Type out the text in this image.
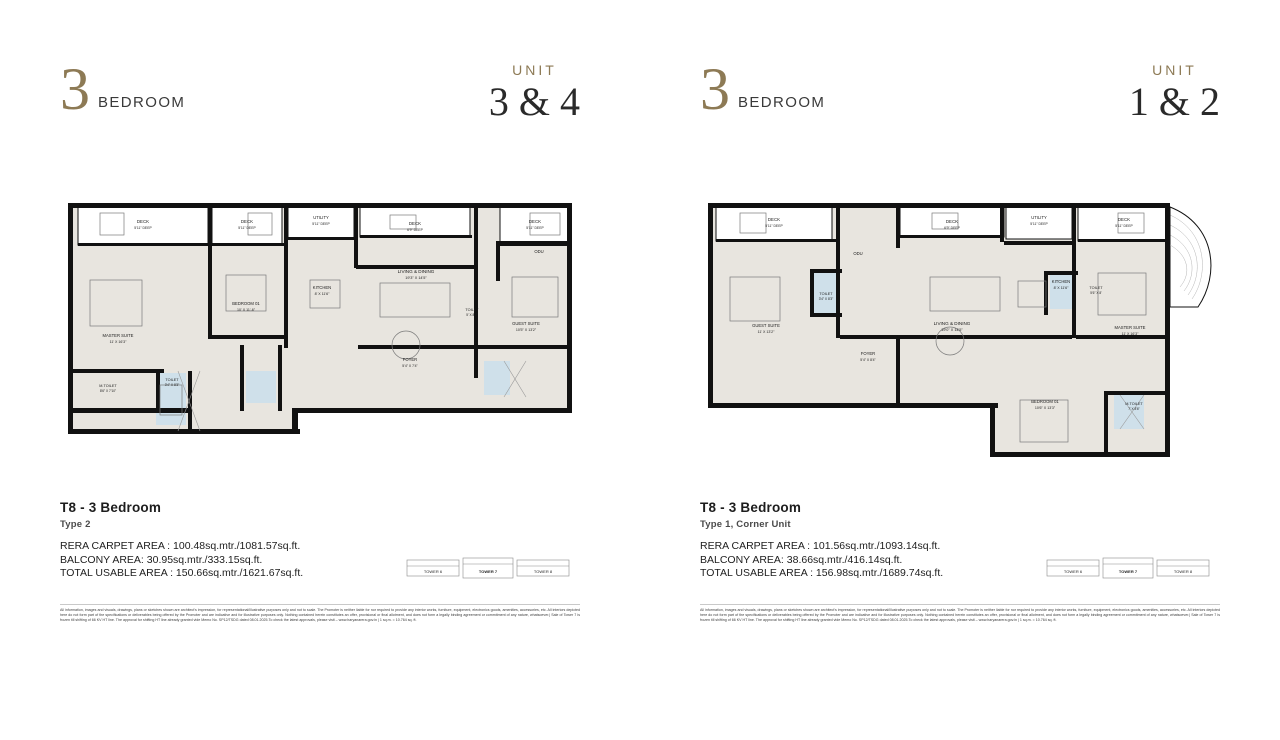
3 BEDROOM
UNIT
3 & 4
DECK
5'11" DEEP
DECK
5'11" DEEP
UTILITY
5'11" DEEP	DECK
6'9" DEEP
DECK
5'11" DEEP
ODU
KITCHEN
8' X 11'6"
LIVING & DINING
19'3" X 14'5"
BEDROOM 01
10' X 11'-6"
MASTER SUITE
11' X 16'3"
GUEST SUITE
10'5" X 13'2"
TOILET
5' X 8'3"
TOILET
3'4" X 8'3"
M.TOILET
8'6" X 7'10"
FOYER
5'4" X 7'4"
T8 - 3 Bedroom
Type 2
RERA CARPET AREA : 100.48sq.mtr./1081.57sq.ft.
BALCONY AREA: 30.95sq.mtr./333.15sq.ft.
TOTAL USABLE AREA : 150.66sq.mtr./1621.67sq.ft.	TOWER 6	TOWER 7	TOWER 8
All information, images and visuals, drawings, plans or sketches shown are architect's impression, for representational/illustrative purposes only and not to scale. The Promoter is neither liable for nor required to provide any interior works, furniture, equipment, electronics goods, amenities, accessories, etc. All interiors depicted here do not form part of the specifications or deliverables being offered by the Promoter and are indicative and for illustrative purposes only. Nothing contained herein constitutes an offer, provisional or final allotment, and does not form a legally binding agreement or commitment of any nature, whatsoever.| Sale of Tower 7 is frozen till shifting of 66 KV HT line. The approval for shifting HT line already granted vide Memo No. SP12/TSDG dated 08.01.2025.To check the latest approvals, please visit – www.haryanarera.gov.in | 1 sq.m. = 10.764 sq. ft.
3 BEDROOM
UNIT
1 & 2
DECK
5'11" DEEP
DECK
6'9" DEEP
UTILITY
5'11" DEEP
DECK
5'11" DEEP
ODU
KITCHEN
8' X 11'6"
LIVING & DINING
19'0" X 14'5"
GUEST SUITE
11' X 13'2"
MASTER SUITE
11' X 16'3"
BEDROOM 01
10'6" X 13'3"
TOILET
3'4" X 8'3"
TOILET
5'6" X 8'
M.TOILET
7' X 8'6"
FOYER
5'4" X 8'4"
T8 - 3 Bedroom
Type 1, Corner Unit
RERA CARPET AREA : 101.56sq.mtr./1093.14sq.ft.
BALCONY AREA: 38.66sq.mtr./416.14sq.ft.
TOTAL USABLE AREA : 156.98sq.mtr./1689.74sq.ft.	TOWER 6	TOWER 7	TOWER 8
All information, images and visuals, drawings, plans or sketches shown are architect's impression, for representational/illustrative purposes only and not to scale. The Promoter is neither liable for nor required to provide any interior works, furniture, equipment, electronics goods, amenities, accessories, etc. All interiors depicted here do not form part of the specifications or deliverables being offered by the Promoter and are indicative and for illustrative purposes only. Nothing contained herein constitutes an offer, provisional or final allotment, and does not form a legally binding agreement or commitment of any nature, whatsoever.| Sale of Tower 7 is frozen till shifting of 66 KV HT line. The approval for shifting HT line already granted vide Memo No. SP12/TSDG dated 08.01.2025.To check the latest approvals, please visit – www.haryanarera.gov.in | 1 sq.m. = 10.764 sq. ft.
